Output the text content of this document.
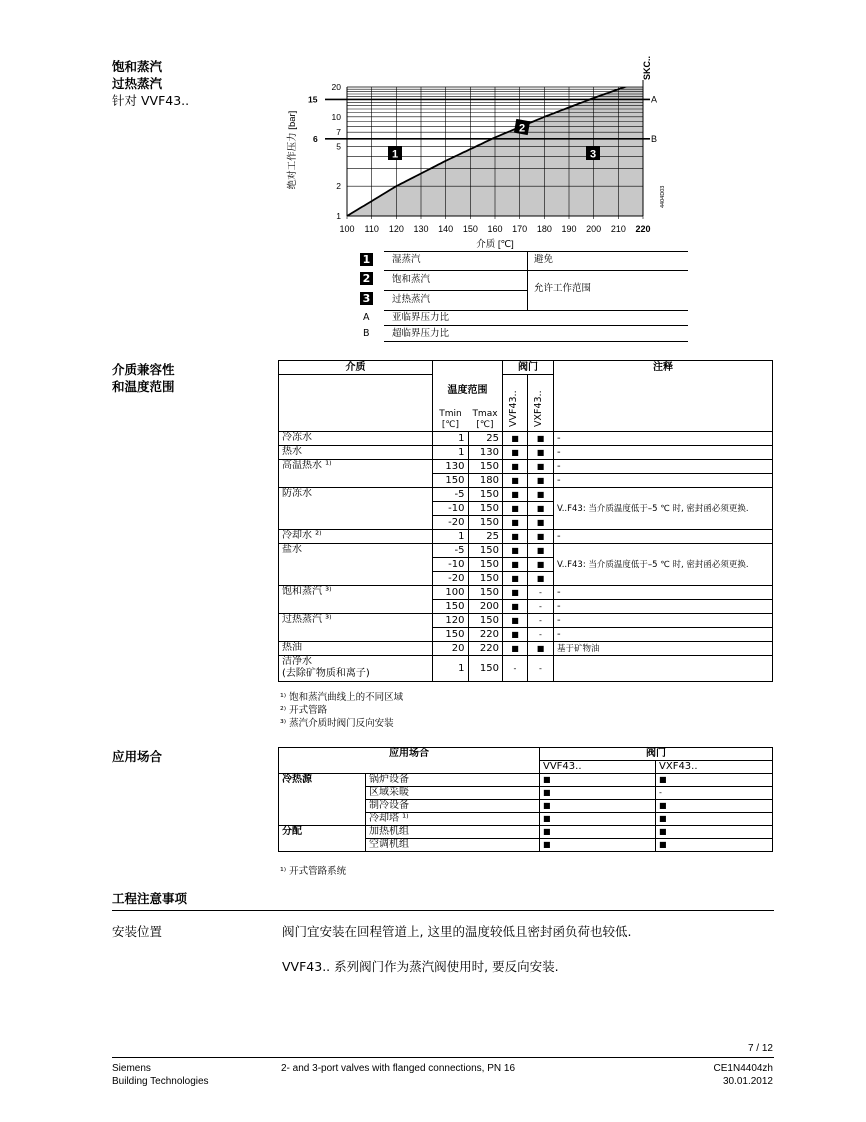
饱和蒸汽
过热蒸汽
针对 VVF43..
100 110 120 130 140 150 160 170 180 190 200 210 220
1
2
5
7
10
20
A
B
15
6
SKC..
4404D03
绝对工作压力 [bar]
介质 [℃]
1
2
3
1 湿蒸汽	避免
2 饱和蒸汽
允许工作范围
3 过热蒸汽
A 亚临界压力比
B 超临界压力比
介质兼容性
和温度范围
介质			阀门		注释

	温度范围
Tmin
[℃]
Tmax
[℃]		VVF43..	VXF43..	

冷冻水	1	25	■	■	-
热水	1	130	■	■	-
高温热水 ¹⁾	130	150	■	■	-
	150	180	■	■	-
防冻水	-5	150	■	■	V..F43: 当介质温度低于–5 ℃ 时, 密封函必须更换.
	-10	150	■	■	
	-20	150	■	■	
冷却水 ²⁾	1	25	■	■	-
盐水	-5	150	■	■	V..F43: 当介质温度低于–5 ℃ 时, 密封函必须更换.
	-10	150	■	■	
	-20	150	■	■	
饱和蒸汽 ³⁾	100	150	■	-	-
	150	200	■	-	-
过热蒸汽 ³⁾	120	150	■	-	-
	150	220	■	-	-
热油	20	220	■	■	基于矿物油

洁净水
(去除矿物质和离子)	1	150	-	-	
¹⁾ 饱和蒸汽曲线上的不同区域
²⁾ 开式管路
³⁾ 蒸汽介质时阀门反向安装
应用场合	应用场合		阀门	
		VVF43..	VXF43..
冷热源	锅炉设备	■	■
	区域采暖	■	-
	制冷设备	■	■
	冷却塔 ¹⁾	■	■
分配	加热机组	■	■
	空调机组	■	■
¹⁾ 开式管路系统
工程注意事项
安装位置	阀门宜安装在回程管道上, 这里的温度较低且密封函负荷也较低.
VVF43.. 系列阀门作为蒸汽阀使用时, 要反向安装.
7 / 12
Siemens
Building Technologies
2- and 3-port valves with flanged connections, PN 16	CE1N4404zh
30.01.2012
